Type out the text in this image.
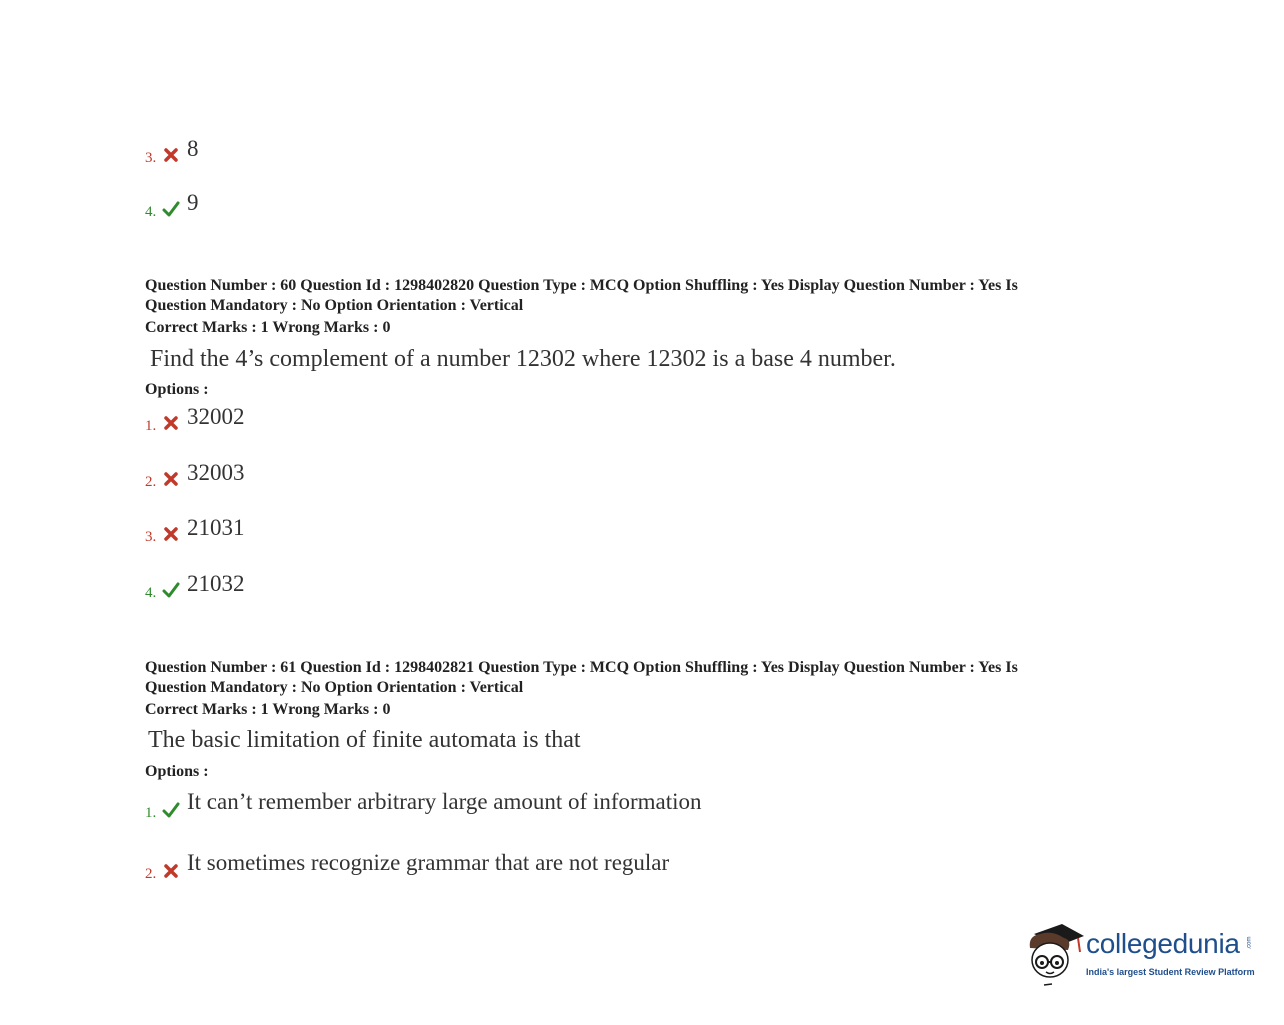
3. 8
4. 9
Question Number : 60 Question Id : 1298402820 Question Type : MCQ Option Shuffling : Yes Display Question Number : Yes Is
Question Mandatory : No Option Orientation : Vertical
Correct Marks : 1 Wrong Marks : 0
Find the 4’s complement of a number 12302 where 12302 is a base 4 number.
Options :
1. 32002
2. 32003
3. 21031
4. 21032
Question Number : 61 Question Id : 1298402821 Question Type : MCQ Option Shuffling : Yes Display Question Number : Yes Is
Question Mandatory : No Option Orientation : Vertical
Correct Marks : 1 Wrong Marks : 0
The basic limitation of finite automata is that
Options :
1. It can’t remember arbitrary large amount of information
2. It sometimes recognize grammar that are not regular
collegedunia .com
India's largest Student Review Platform
